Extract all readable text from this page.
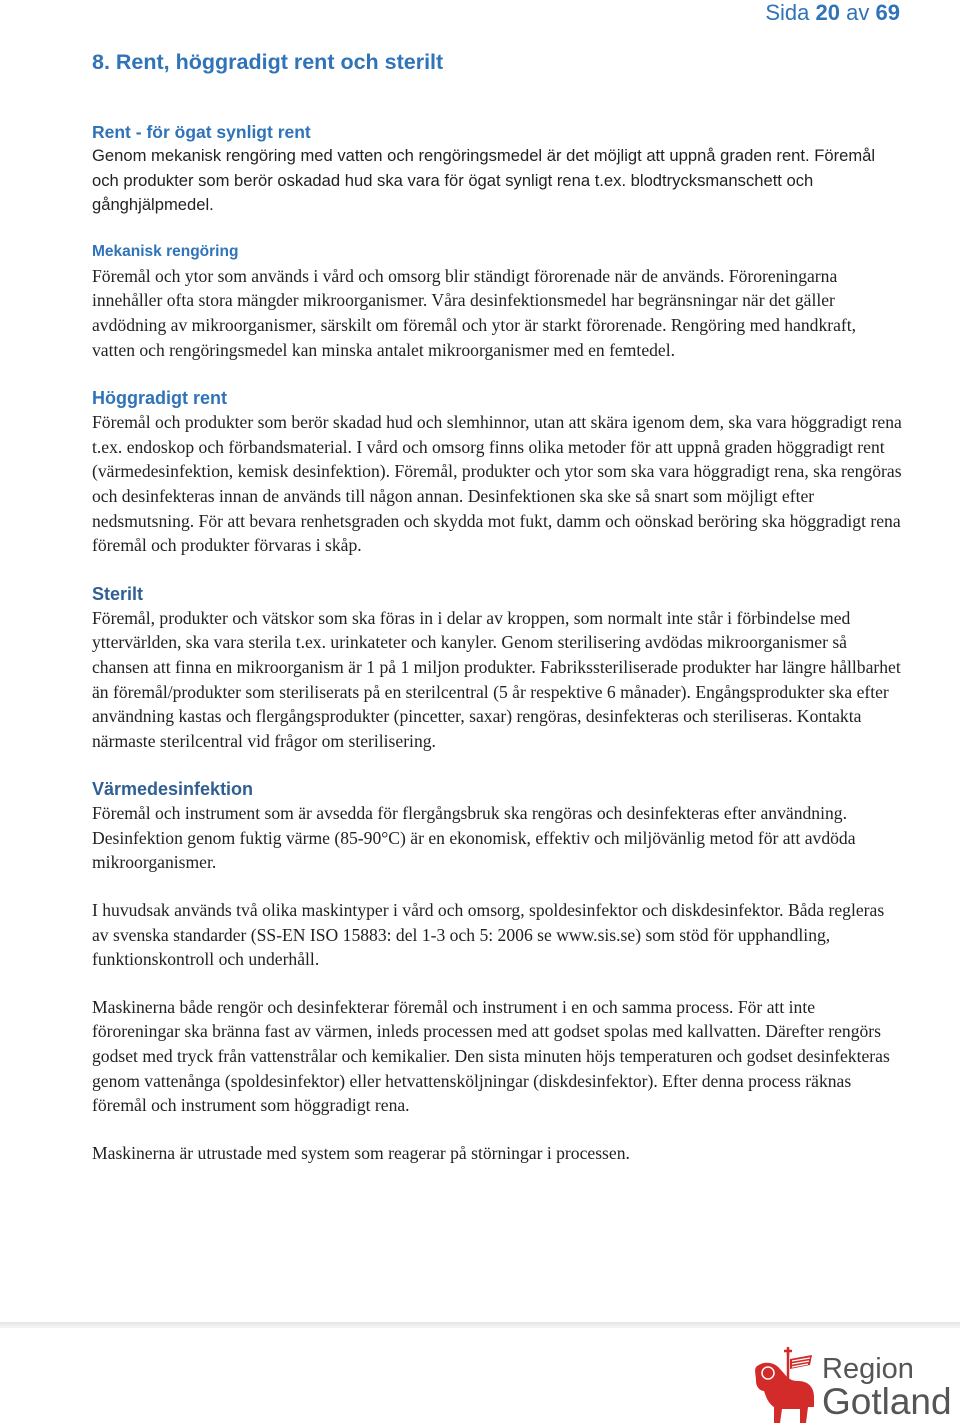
Sida 20 av 69
8. Rent, höggradigt rent och sterilt
Rent - för ögat synligt rent

Genom mekanisk rengöring med vatten och rengöringsmedel är det möjligt att uppnå graden rent. Föremål och produkter som berör oskadad hud ska vara för ögat synligt rena t.ex. blodtrycksmanschett och gånghjälpmedel.

Mekanisk rengöring

Föremål och ytor som används i vård och omsorg blir ständigt förorenade när de används. Föroreningarna innehåller ofta stora mängder mikroorganismer. Våra desinfektionsmedel har begränsningar när det gäller avdödning av mikroorganismer, särskilt om föremål och ytor är starkt förorenade. Rengöring med handkraft, vatten och rengöringsmedel kan minska antalet mikroorganismer med en femtedel.

Höggradigt rent

Föremål och produkter som berör skadad hud och slemhinnor, utan att skära igenom dem, ska vara höggradigt rena t.ex. endoskop och förbandsmaterial. I vård och omsorg finns olika metoder för att uppnå graden höggradigt rent (värmedesinfektion, kemisk desinfektion). Föremål, produkter och ytor som ska vara höggradigt rena, ska rengöras och desinfekteras innan de används till någon annan. Desinfektionen ska ske så snart som möjligt efter nedsmutsning. För att bevara renhetsgraden och skydda mot fukt, damm och oönskad beröring ska höggradigt rena föremål och produkter förvaras i skåp.

Sterilt

Föremål, produkter och vätskor som ska föras in i delar av kroppen, som normalt inte står i förbindelse med yttervärlden, ska vara sterila t.ex. urinkateter och kanyler. Genom sterilisering avdödas mikroorganismer så chansen att finna en mikroorganism är 1 på 1 miljon produkter. Fabrikssteriliserade produkter har längre hållbarhet än föremål/produkter som steriliserats på en sterilcentral (5 år respektive 6 månader). Engångsprodukter ska efter användning kastas och flergångsprodukter (pincetter, saxar) rengöras, desinfekteras och steriliseras. Kontakta närmaste sterilcentral vid frågor om sterilisering.

Värmedesinfektion

Föremål och instrument som är avsedda för flergångsbruk ska rengöras och desinfekteras efter användning. Desinfektion genom fuktig värme (85-90°C) är en ekonomisk, effektiv och miljövänlig metod för att avdöda mikroorganismer.

I huvudsak används två olika maskintyper i vård och omsorg, spoldesinfektor och diskdesinfektor. Båda regleras av svenska standarder (SS-EN ISO 15883: del 1-3 och 5: 2006 se www.sis.se) som stöd för upphandling, funktionskontroll och underhåll.

Maskinerna både rengör och desinfekterar föremål och instrument i en och samma process. För att inte föroreningar ska bränna fast av värmen, inleds processen med att godset spolas med kallvatten. Därefter rengörs godset med tryck från vattenstrålar och kemikalier. Den sista minuten höjs temperaturen och godset desinfekteras genom vattenånga (spoldesinfektor) eller hetvattensköljningar (diskdesinfektor). Efter denna process räknas föremål och instrument som höggradigt rena.

Maskinerna är utrustade med system som reagerar på störningar i processen.

Region
Gotland
